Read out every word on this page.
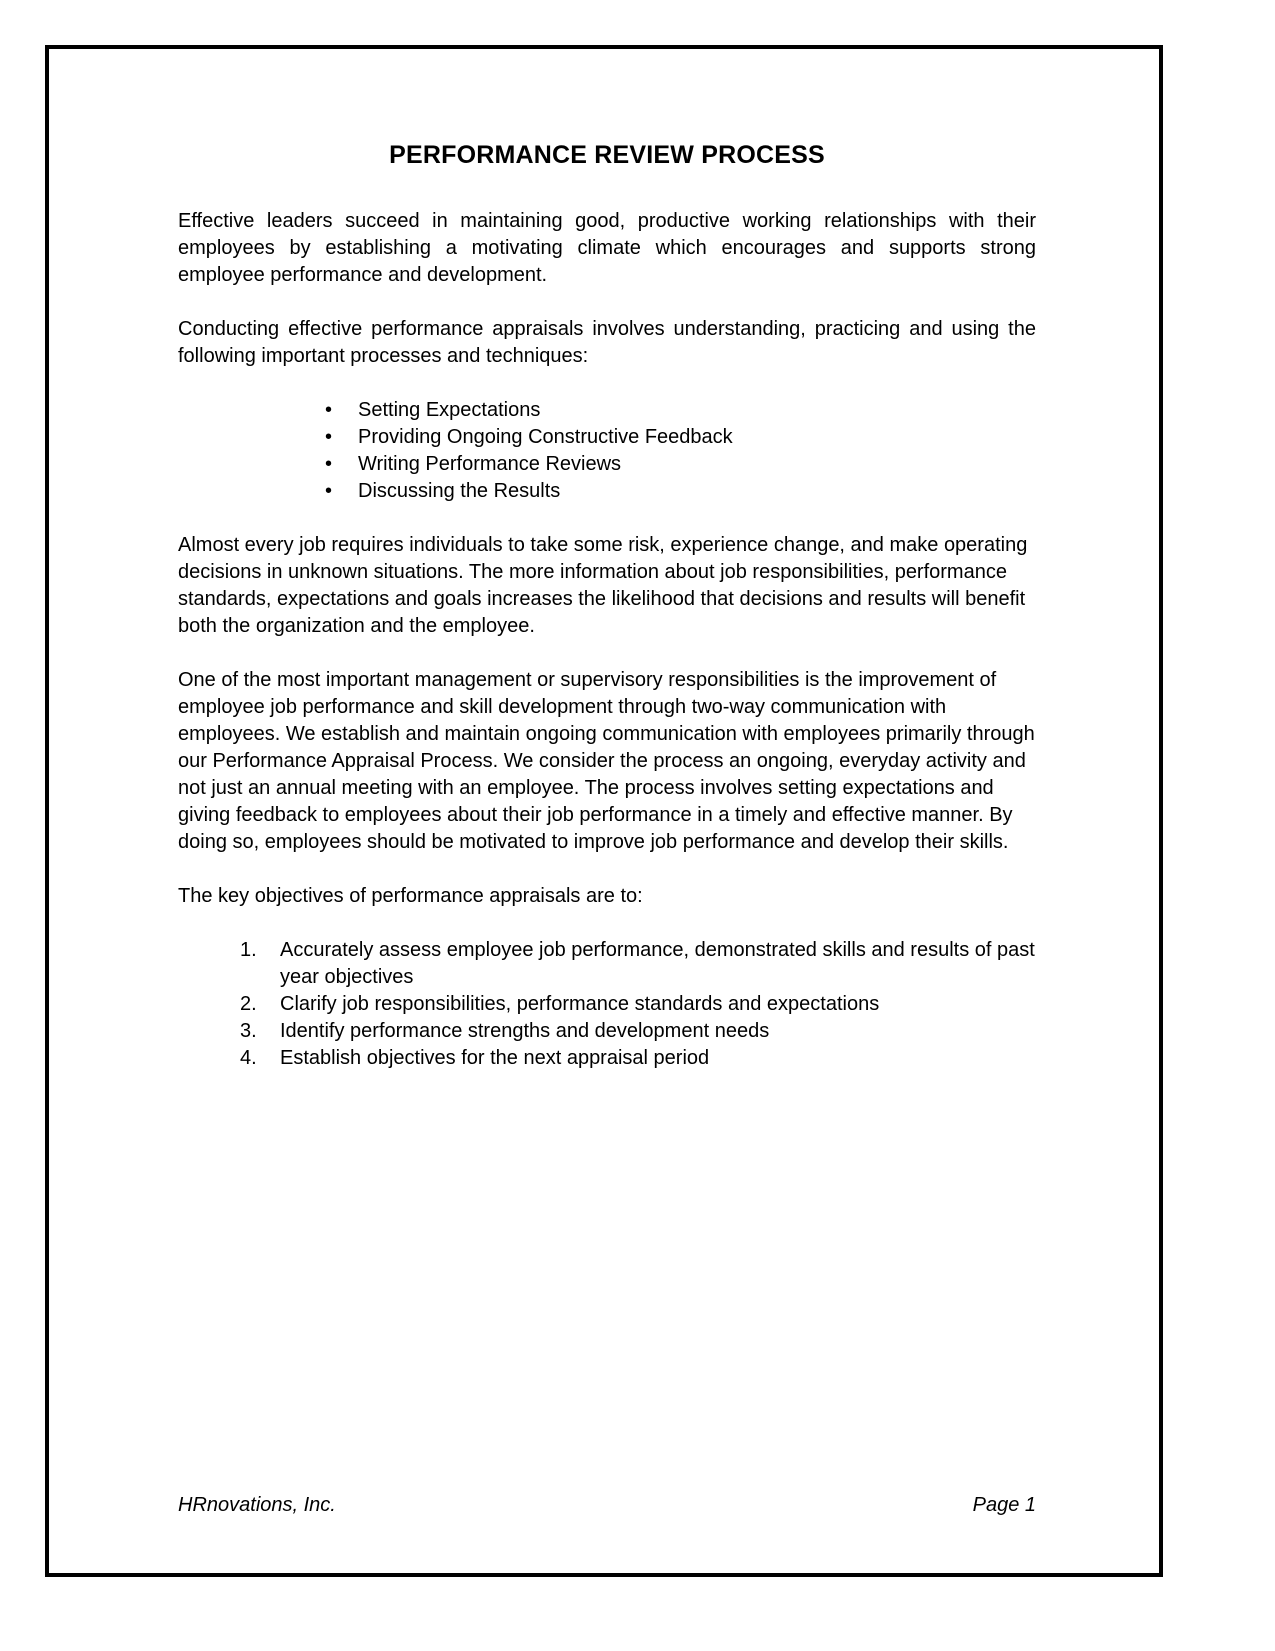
PERFORMANCE REVIEW PROCESS

Effective leaders succeed in maintaining good, productive working relationships with their employees by establishing a motivating climate which encourages and supports strong employee performance and development.

Conducting effective performance appraisals involves understanding, practicing and using the following important processes and techniques:

• Setting Expectations
• Providing Ongoing Constructive Feedback
• Writing Performance Reviews
• Discussing the Results

Almost every job requires individuals to take some risk, experience change, and make operating decisions in unknown situations. The more information about job responsibilities, performance standards, expectations and goals increases the likelihood that decisions and results will benefit both the organization and the employee.

One of the most important management or supervisory responsibilities is the improvement of employee job performance and skill development through two-way communication with employees. We establish and maintain ongoing communication with employees primarily through our Performance Appraisal Process. We consider the process an ongoing, everyday activity and not just an annual meeting with an employee. The process involves setting expectations and giving feedback to employees about their job performance in a timely and effective manner. By doing so, employees should be motivated to improve job performance and develop their skills.

The key objectives of performance appraisals are to:

Accurately assess employee job performance, demonstrated skills and results of past year objectives
Clarify job responsibilities, performance standards and expectations
Identify performance strengths and development needs
Establish objectives for the next appraisal period
HRnovations, Inc.	Page 1
